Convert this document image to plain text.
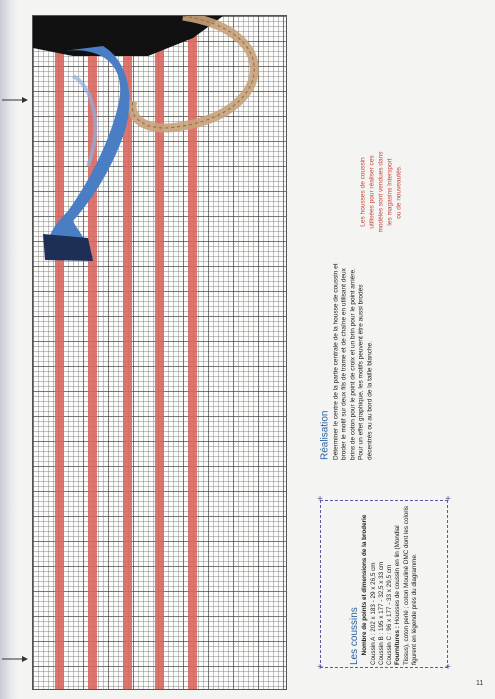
Les housses de coussin
utilisées pour réaliser ces
modèles sont vendues dans
les magasins Intersport
ou de nouveautés.
Réalisation Déterminer le centre de la partie centrale de la housse de coussin et broder le motif sur deux fils de trame et de chaîne en utilisant deux brins de coton pour le point de croix et un brin pour le point arrière. Pour un effet graphique, les motifs peuvent être aussi brodés décentrés ou au bord de la taille blanche.

+	+
+	+
Les coussins Nombre de points et dimensions de la broderie Coussin A : 202 x 183 - 29 x 26,5 cm Coussin B : 195 x 177 - 32,5 x 33 cm Coussin C : 96 x 177 - 33 x 29,5 cm Fournitures : Housses de coussin en lin (Mondial Tissus), coton perlé ; coton Mouliné DMC dont les coloris figurent en légende près du diagramme.

11
